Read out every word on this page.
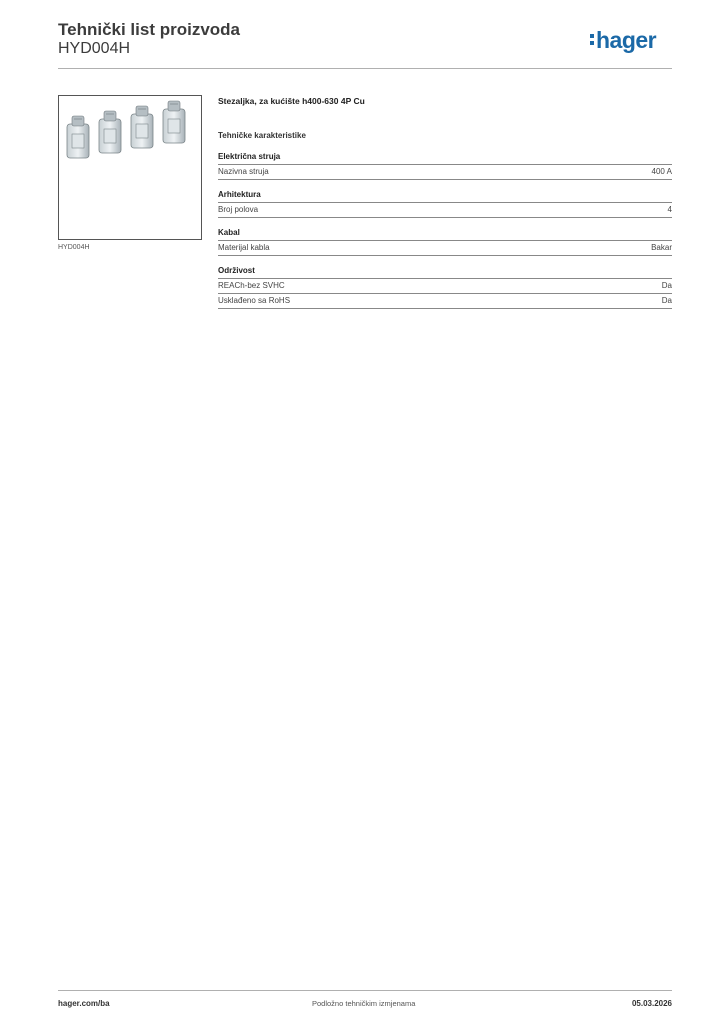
Tehnički list proizvoda
HYD004H	hager
HYD004H
Stezaljka, za kućište h400-630 4P Cu
Tehničke karakteristike
Električna struja
Nazivna struja	400 A
Arhitektura
Broj polova	4
Kabal
Materijal kabla	Bakar
Održivost
REACh-bez SVHC	Da
Usklađeno sa RoHS	Da
hager.com/ba	Podložno tehničkim izmjenama	05.03.2026
